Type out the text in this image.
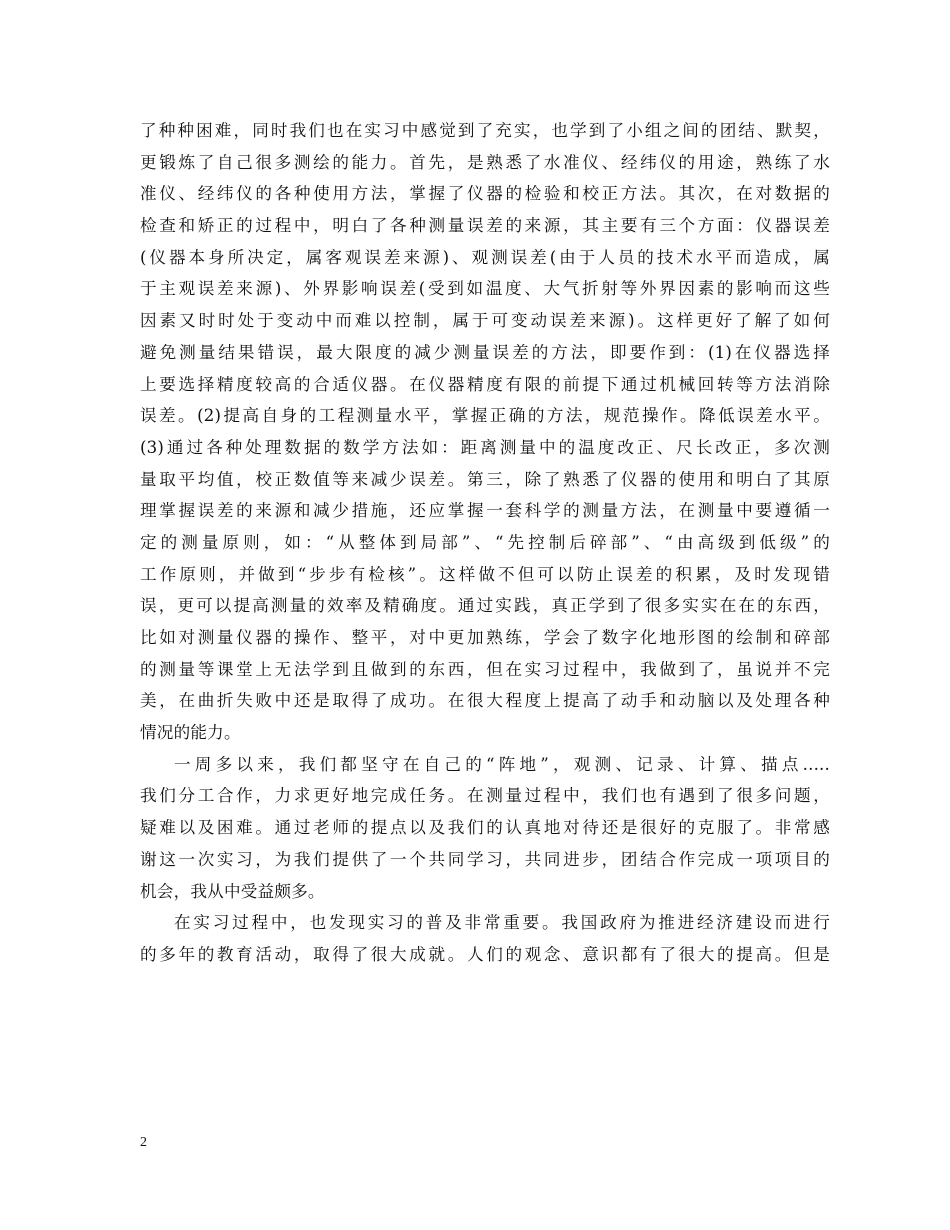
了种种困难，同时我们也在实习中感觉到了充实，也学到了小组之间的团结、默契，
更锻炼了自己很多测绘的能力。首先，是熟悉了水准仪、经纬仪的用途，熟练了水
准仪、经纬仪的各种使用方法，掌握了仪器的检验和校正方法。其次，在对数据的
检查和矫正的过程中，明白了各种测量误差的来源，其主要有三个方面：仪器误差
(仪器本身所决定，属客观误差来源)、观测误差(由于人员的技术水平而造成，属
于主观误差来源)、外界影响误差(受到如温度、大气折射等外界因素的影响而这些
因素又时时处于变动中而难以控制，属于可变动误差来源)。这样更好了解了如何
避免测量结果错误，最大限度的减少测量误差的方法，即要作到：(1)在仪器选择
上要选择精度较高的合适仪器。在仪器精度有限的前提下通过机械回转等方法消除
误差。(2)提高自身的工程测量水平，掌握正确的方法，规范操作。降低误差水平。
(3)通过各种处理数据的数学方法如：距离测量中的温度改正、尺长改正，多次测
量取平均值，校正数值等来减少误差。第三，除了熟悉了仪器的使用和明白了其原
理掌握误差的来源和减少措施，还应掌握一套科学的测量方法，在测量中要遵循一
定的测量原则，如：“从整体到局部”、“先控制后碎部”、“由高级到低级”的
工作原则，并做到“步步有检核”。这样做不但可以防止误差的积累，及时发现错
误，更可以提高测量的效率及精确度。通过实践，真正学到了很多实实在在的东西，
比如对测量仪器的操作、整平，对中更加熟练，学会了数字化地形图的绘制和碎部
的测量等课堂上无法学到且做到的东西，但在实习过程中，我做到了，虽说并不完
美，在曲折失败中还是取得了成功。在很大程度上提高了动手和动脑以及处理各种
情况的能力。
一周多以来，我们都坚守在自己的“阵地”，观测、记录、计算、描点.....
我们分工合作，力求更好地完成任务。在测量过程中，我们也有遇到了很多问题，
疑难以及困难。通过老师的提点以及我们的认真地对待还是很好的克服了。非常感
谢这一次实习，为我们提供了一个共同学习，共同进步，团结合作完成一项项目的
机会，我从中受益颇多。
在实习过程中，也发现实习的普及非常重要。我国政府为推进经济建设而进行
的多年的教育活动，取得了很大成就。人们的观念、意识都有了很大的提高。但是
2
